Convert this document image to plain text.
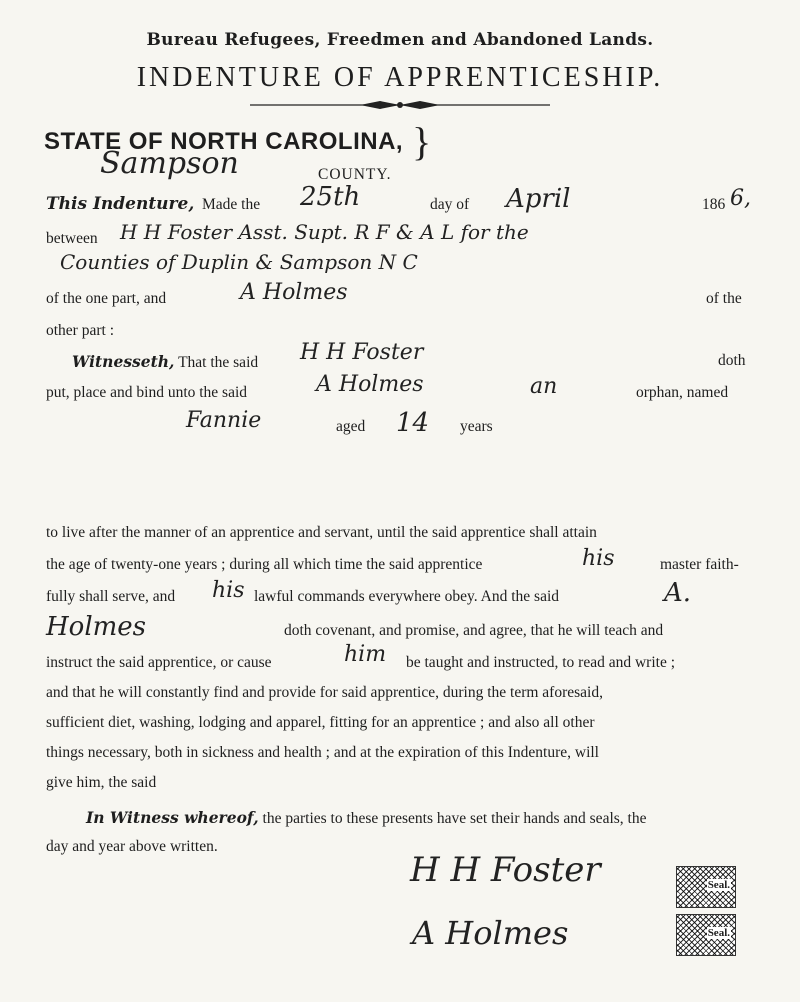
Bureau Refugees, Freedmen and Abandoned Lands.
INDENTURE OF APPRENTICESHIP.
STATE OF NORTH CAROLINA, }
Sampson	COUNTY.
This Indenture, Made the 25th	day of April	186 6,
between H H Foster Asst. Supt. R F & A L for the
Counties of Duplin & Sampson N C
of the one part, and	A Holmes	of the
other part :
Witnesseth, That the said H H Foster	doth
put, place and bind unto the said	A Holmes	an	orphan, named
Fannie	aged 14 years
to live after the manner of an apprentice and servant, until the said apprentice shall attain
the age of twenty-one years ; during all which time the said apprentice	his	master faith-
fully shall serve, and his lawful commands everywhere obey. And the said	A.
Holmes	doth covenant, and promise, and agree, that he will teach and
instruct the said apprentice, or cause	him be taught and instructed, to read and write ;
and that he will constantly find and provide for said apprentice, during the term aforesaid,
sufficient diet, washing, lodging and apparel, fitting for an apprentice ; and also all other
things necessary, both in sickness and health ; and at the expiration of this Indenture, will
give him, the said
In Witness whereof, the parties to these presents have set their hands and seals, the
day and year above written.
H H Foster
A Holmes
Seal.
Seal.
